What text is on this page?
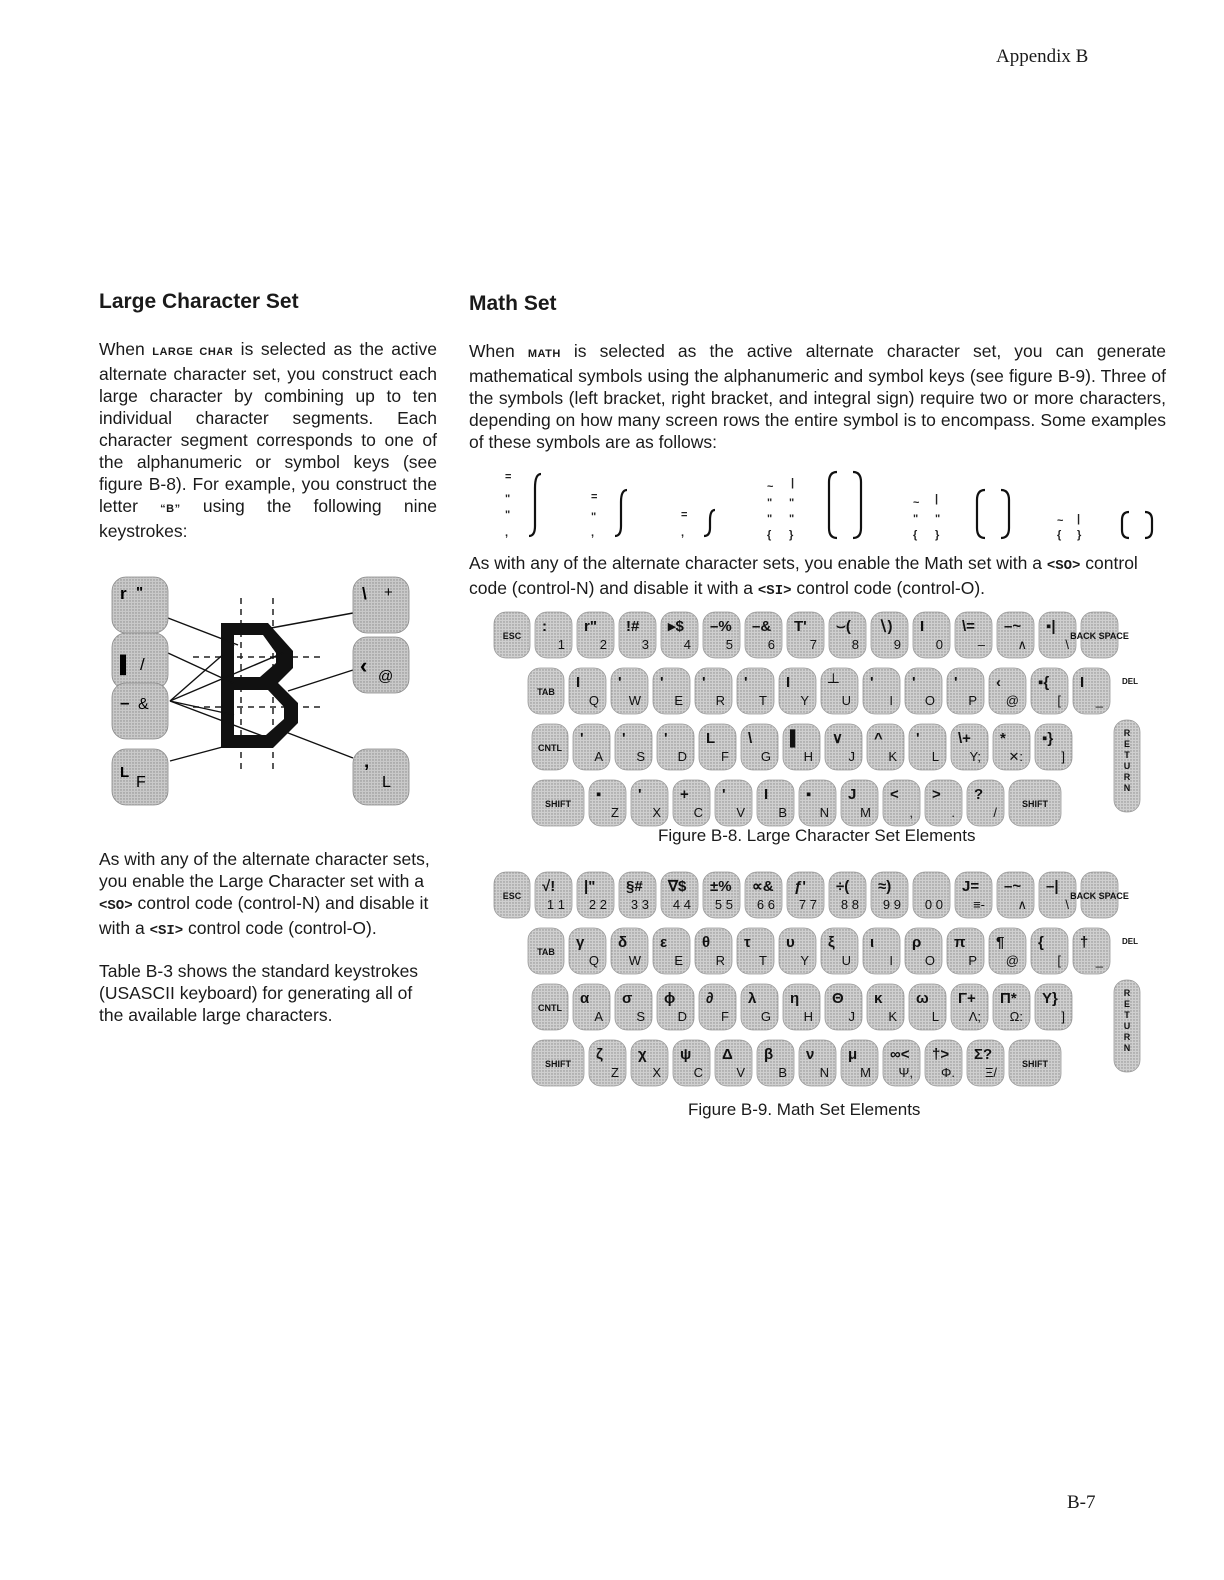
Appendix B
B-7
Large Character Set
When LARGE CHAR is selected as the active alternate character set, you construct each large character by combining up to ten individual character segments. Each character segment corresponds to one of the alphanumeric or symbol keys (see figure B-8). For example, you construct the letter “B” using the following nine keystrokes:
r "	\ +
▌ /	‹ @
– &
L
F	’ L
As with any of the alternate character sets, you enable the Large Character set with a <SO> control code (control-N) and disable it with a <SI> control code (control-O).
Table B-3 shows the standard keystrokes (USASCII keyboard) for generating all of the available large characters.
Math Set
When MATH is selected as the active alternate character set, you can generate mathematical symbols using the alphanumeric and symbol keys (see figure B-9). Three of the symbols (left bracket, right bracket, and integral sign) require two or more characters, depending on how many screen rows the entire symbol is to encompass. Some examples of these symbols are as follows:
=
"
"
,
=
"
,
=
,
~ |
" "
" "
{ }
~ |
" "
{ }
~ |
{ }
As with any of the alternate character sets, you enable the Math set with a <SO> control code (control-N) and disable it with a <SI> control code (control-O).
ESC
:
1
r"
2
!#
3
▸$
4
–%
5
–&
6
T'
7
⌣(
8
∖)
9
I
0
\=
–
–~
∧
▪|
\
BACK SPACE
TAB
I
Q
'
W
'
E
'
R
'
T
I
Y
┴
U
'
I
'
O
'
P
‹
@
▪{
[
I
_
CNTL
'
A
'
S
'
D
L
F
\
G
▌
H
∨
J
^
K
'
L
\+
Y;
*
✕:
▪}
]
SHIFT
▪
Z
'
X
+
C
'
V
I
B
▪
N
J
M
<
,
>
.
?
/
SHIFT
DEL
R
E
T
U
R
N
Figure B-8. Large Character Set Elements
ESC
√!
1 1
|"
2 2
§#
3 3
∇$
4 4
±%
5 5
∝&
6 6
ƒ'
7 7
÷(
8 8
≈)
9 9 0 0
J=
≡-
–~
∧
–|
\
BACK SPACE
TAB
γ
Q
δ
W
ε
E
θ
R
τ
T
υ
Y
ξ
U
ι
I
ρ
O
π
P
¶
@
{
[
†
_
CNTL
α
A
σ
S
ϕ
D
∂
F
λ
G
η
H
Θ
J
κ
K
ω
L
Γ+
Λ;
Π*
Ω:
Υ}
]
SHIFT
ζ
Z
χ
X
ψ
C
Δ
V
β
B
ν
N
μ
M
∞<
Ψ,
†>
Φ.
Σ?
Ξ/
SHIFT
DEL
R
E
T
U
R
N
Figure B-9. Math Set Elements
